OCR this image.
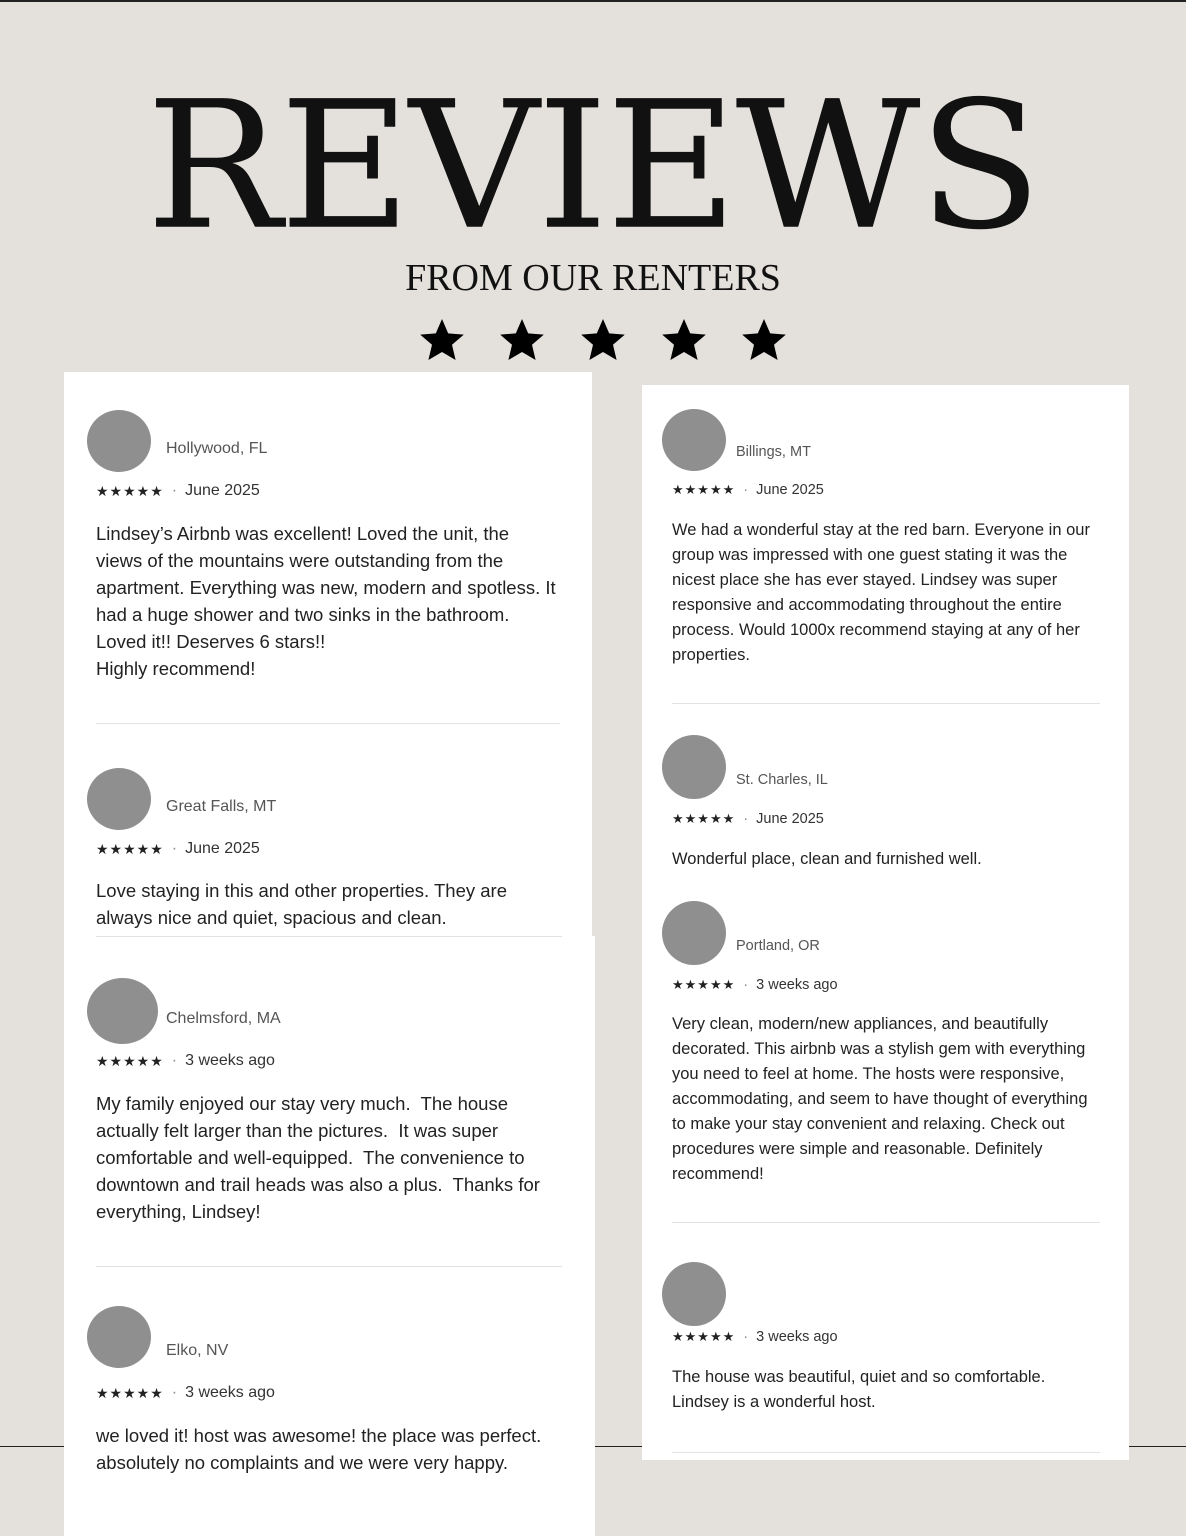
REVIEWS
FROM OUR RENTERS
Hollywood, FL
★★★★★ · June 2025
Lindsey’s Airbnb was excellent! Loved the unit, the views of the mountains were outstanding from the apartment. Everything was new, modern and spotless. It had a huge shower and two sinks in the bathroom. Loved it!! Deserves 6 stars!!
Highly recommend!
Great Falls, MT
★★★★★ · June 2025
Love staying in this and other properties. They are always nice and quiet, spacious and clean.
Chelmsford, MA
★★★★★ · 3 weeks ago
My family enjoyed our stay very much.  The house actually felt larger than the pictures.  It was super comfortable and well-equipped.  The convenience to downtown and trail heads was also a plus.  Thanks for everything, Lindsey!
Elko, NV
★★★★★ · 3 weeks ago
we loved it! host was awesome! the place was perfect.  absolutely no complaints and we were very happy.
Billings, MT
★★★★★ · June 2025
We had a wonderful stay at the red barn. Everyone in our group was impressed with one guest stating it was the nicest place she has ever stayed. Lindsey was super responsive and accommodating throughout the entire process. Would 1000x recommend staying at any of her properties.
St. Charles, IL
★★★★★ · June 2025
Wonderful place, clean and furnished well.
Portland, OR
★★★★★ · 3 weeks ago
Very clean, modern/new appliances, and beautifully decorated. This airbnb was a stylish gem with everything you need to feel at home. The hosts were responsive, accommodating, and seem to have thought of everything to make your stay convenient and relaxing. Check out procedures were simple and reasonable. Definitely recommend!
★★★★★ · 3 weeks ago
The house was beautiful, quiet and so comfortable.
Lindsey is a wonderful host.
